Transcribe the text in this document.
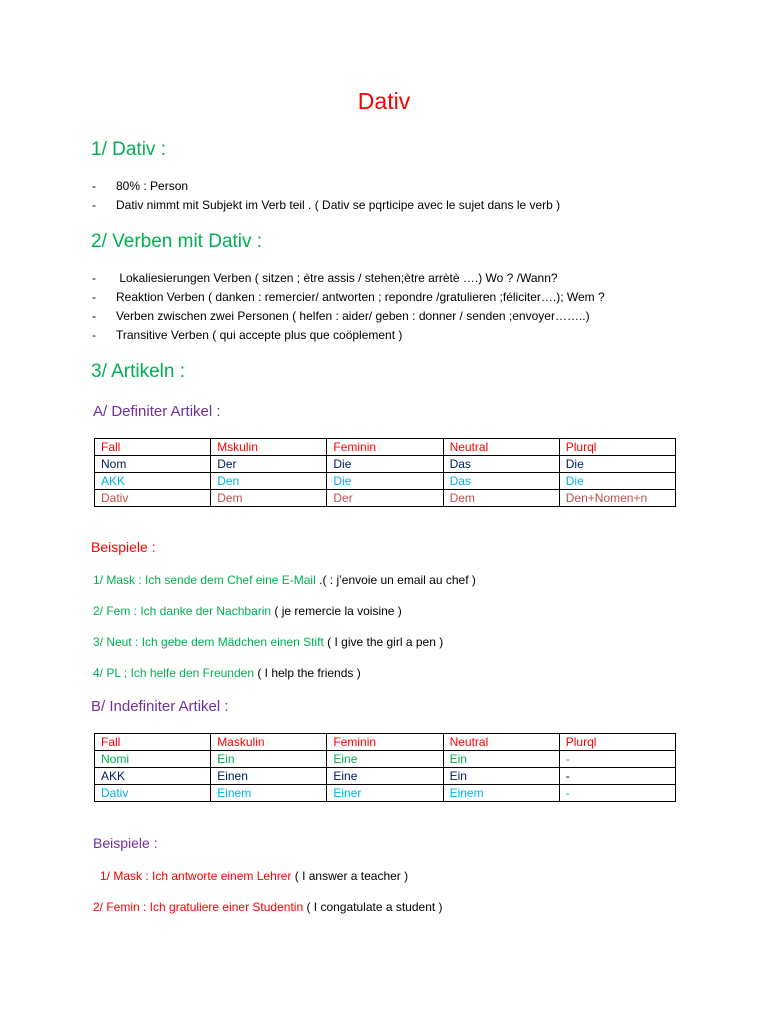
Dativ
1/ Dativ :
- 80% : Person
- Dativ nimmt mit Subjekt im Verb teil . ( Dativ se pqrticipe avec le sujet dans le verb )
2/ Verben mit Dativ :
- Lokaliesierungen Verben ( sitzen ; ètre assis / stehen;ètre arrètè ….) Wo ? /Wann?
- Reaktion Verben ( danken : remercier/ antworten ; repondre /gratulieren ;féliciter….); Wem ?
- Verben zwischen zwei Personen ( helfen : aider/ geben : donner / senden ;envoyer……..)
- Transitive Verben ( qui accepte plus que coöplement )
3/ Artikeln :
A/ Definiter Artikel :
Fall	Mskulin	Feminin	Neutral	Plurql
Nom	Der	Die	Das	Die
AKK	Den	Die	Das	Die
Dativ	Dem	Der	Dem	Den+Nomen+n
Beispiele :
1/ Mask : Ich sende dem Chef eine E-Mail .( : j’envoie un email au chef )
2/ Fem : Ich danke der Nachbarin ( je remercie la voisine )
3/ Neut : Ich gebe dem Mädchen einen Stift ( I give the girl a pen )
4/ PL ; Ich helfe den Freunden ( I help the friends )
B/ Indefiniter Artikel :
Fall	Maskulin	Feminin	Neutral	Plurql
Nomi	Ein	Eine	Ein	-
AKK	Einen	Eine	Ein	-
Dativ	Einem	Einer	Einem	-
Beispiele :
1/ Mask : Ich antworte einem Lehrer ( I answer a teacher )
2/ Femin : Ich gratuliere einer Studentin ( I congatulate a student )
